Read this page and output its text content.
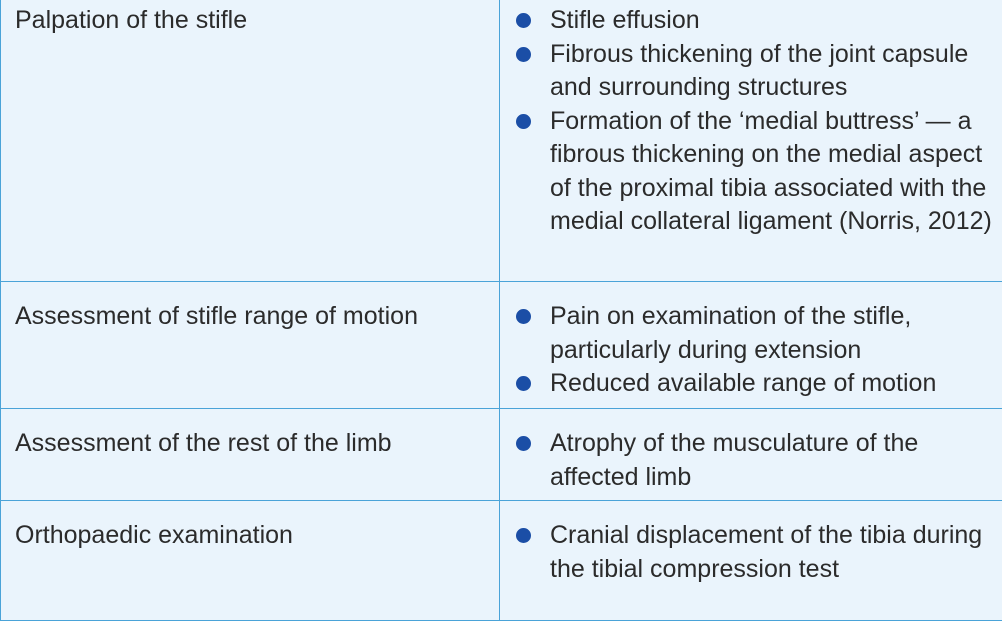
Palpation of the stifle	Stifle effusion
Fibrous thickening of the joint capsule and surrounding structures
Formation of the ‘medial buttress’ — a fibrous thickening on the medial aspect of the proximal tibia associated with the medial collateral ligament (Norris, 2012)
Assessment of stifle range of motion	Pain on examination of the stifle, particularly during extension
Reduced available range of motion
Assessment of the rest of the limb	Atrophy of the musculature of the affected limb
Orthopaedic examination	Cranial displacement of the tibia during the tibial compression test
